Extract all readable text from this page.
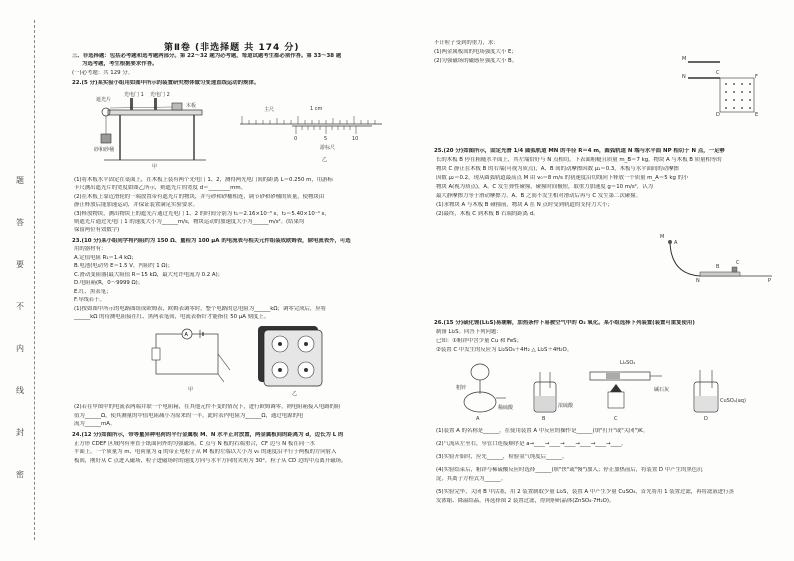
题
答
要
不
内
线
封
密
第Ⅱ卷 (非选择题 共 174 分)
三、非选择题：包括必考题和选考题两部分。第 22～32 题为必考题，每道试题考生都必须作答。第 33～38 题
为选考题，考生根据要求作答。
(一)必考题：共 129 分。
22.(5 分)某实验小组用如图甲所示的装置研究物体做匀变速直线运动的规律。
遮光片
光电门 1 光电门 2
木板
砂和砂桶
甲
主尺	1 cm
0	5	10
游标尺
乙
(1)将木板水平固定在桌面上，在木板上装有两个光电门 1、2，测得两光电门间的距离 L＝0.250 m，用游标
卡尺测出遮光片的宽度如图乙所示，则遮光片的宽度 d＝________mm。
(2)在木板上靠近滑轮的一端放置带有遮光片的物块，并与砂和砂桶相连，调节砂和砂桶的质量，使物块由
静止释放后能加速运动，并保证装置满足实验要求。
(3)释放物块，测出物块上的遮光片通过光电门 1、2 的时间分别为 t₁＝2.16×10⁻³ s，t₂＝5.40×10⁻⁴ s，
则遮光片通过光电门 1 的速度大小为______m/s，物块运动的加速度大小为______m/s²。(结果均
保留两位有效数字)
23.(10 分)某小组同学将内阻约为 150 Ω、量程为 100 μA 的电流表与相关元件组装成欧姆表，除电流表外，可选
用的器材有：
A.定值电阻 R₁＝1.4 kΩ；
B.电池(电动势 E＝1.5 V，内阻约 1 Ω)；
C.滑动变阻器(最大阻值 R＝15 kΩ，最大允许电流为 0.2 A)；
D.电阻箱(R，0～9999 Ω)；
E.红、黑表笔；
F.导线若干。
(1)按如图甲所示的电路图组成欧姆表，欧姆表调零时，整个电路的总电阻为______kΩ；调零完成后，应将
______kΩ 的待测电阻接在红、黑两表笔间，电流表指针才能指在 50 μA 刻度上。
A
甲
乙
(2)若在甲图中的电流表两端并联一个电阻箱，在其他元件不变的情况下，进行欧姆调零，则电阻箱接入电路的阻
值为______Ω，使其测量的中值电阻减小为原来的一半，此时表内电阻为______Ω，通过电源的电
流为______mA。
24.(12 分)如图所示，带等量异种电荷的平行金属板 M、N 水平正对放置，两金属板间的距离为 d，边长为 L 的
正方形 CDEF 区域内有垂直于纸面向外的匀强磁场，C 点与 N 板的右端重合，CF 边与 N 板在同一水
平面上。一个质量为 m、电荷量为 q 的带正电粒子从 M 板的左端以大小为 v₀ 的速度沿平行于两板的方向射入
板间，刚好从 C 点进入磁场，粒子进磁场时的速度方向与水平方向的夹角为 30°，粒子从 CD 边的中点离开磁场。
不计粒子受到的重力，求：
(1)两金属板间的电场强度大小 E；
(2)匀强磁场的磁感应强度大小 B。	M
N
C
F
D	E
25.(20 分)如图所示，固定光滑 1/4 圆弧轨道 MN 的半径 R＝4 m，圆弧轨道 N 端与水平面 NP 相切于 N 点，一足够
长的木板 B 停在粗糙水平面上，其左端恰好与 N 点相切，下表面粗糙且质量 m_B＝7 kg，物块 A 与木板 B 质量相等的
物块 C 静止在木板 B 的右端(可视为质点)，A、B 间的动摩擦因数 μ₁＝0.3，木板与水平面间的动摩擦
因数 μ₂＝0.2。现从圆弧轨道最高点 M 由 v₀＝8 m/s 的初速度沿切线向下释放一个质量 m_A＝5 kg 的小
物块 A(视为质点)，A、C 发生弹性碰撞，碰撞时间极短，取重力加速度 g＝10 m/s²，认为
最大静摩擦力等于滑动摩擦力。A、B 之间不发生相对滑动后再与 C 发生第二次碰撞。
(1)求物块 A 与木板 B 碰撞前，物块 A 在 N 点时受到轨道的支持力大小；
(2)最终，木板 C 到木板 B 右端的距离 d。
M
A
N
B
C
P
26.(15 分)硫化锂(Li₂S)易潮解，加热条件下易被空气中的 O₂ 氧化。某小组选择下列装置(装置可重复使用)
制备 Li₂S。回答下列问题：
已知：①粗锌中含少量 Cu 和 FeS；
②装置 C 中发生的反应为 Li₂SO₄＋4H₂ △ Li₂S＋4H₂O。
A	B	C	D
稀硫酸
粗锌
浓硫酸
Li₂SO₄
CuSO₄(aq)
碱石灰
(1)装置 A 的名称是______，在使用装置 A 中反应的操作是______(填"打开"或"关闭")K。
(2)气流从左至右，导管口连接顺序是 a→____→____→____→____→____→____。
(3)实验开始时，应先______，检验氢气纯度后______。
(4)实验结束后，粗锌与稀硫酸反应时选择______(填"快"或"慢")加入；停止加热前后，将装置 D 中产生的黑色沉
淀，其离子方程式为______。
(5)实验完毕，关闭 B 中活塞，用 2 装置制取少量 Li₂S，装置 A 中产生少量 CuSO₄，首先将用 1 装置过滤，再将滤液进行蒸
发浓缩、降温结晶，再选择图 2 装置过滤，得到胆矾晶体(ZnSO₄·7H₂O)。
